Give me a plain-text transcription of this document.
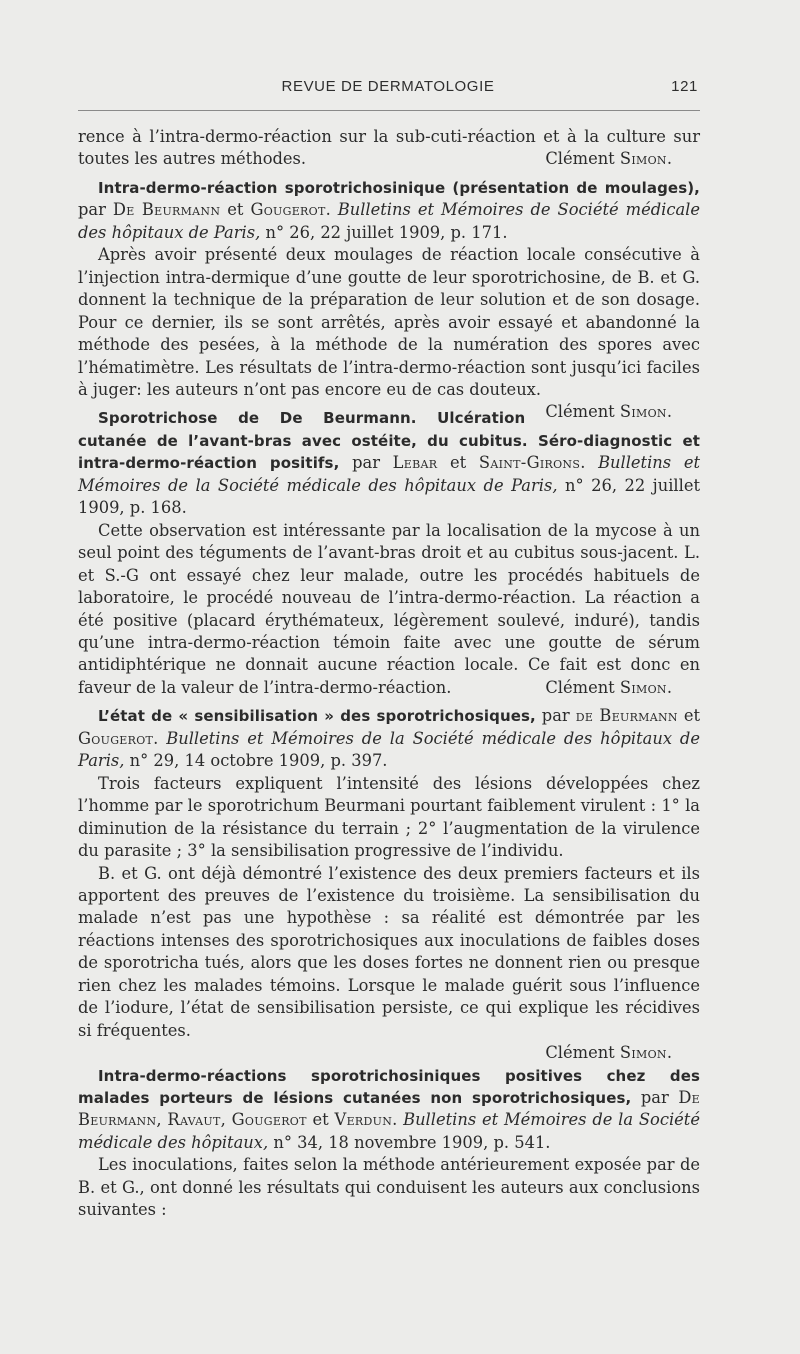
REVUE DE DERMATOLOGIE	121

rence à l’intra-dermo-réaction sur la sub-cuti-réaction et à la culture sur toutes les autres méthodes.	Clément Simon.

Intra-dermo-réaction sporotrichosinique (présentation de moulages), par De Beurmann et Gougerot. Bulletins et Mémoires de Société médicale des hôpitaux de Paris, n° 26, 22 juillet 1909, p. 171.

Après avoir présenté deux moulages de réaction locale consécutive à l’injection intra-dermique d’une goutte de leur sporotrichosine, de B. et G. donnent la technique de la préparation de leur solution et de son dosage. Pour ce dernier, ils se sont arrêtés, après avoir essayé et abandonné la méthode des pesées, à la méthode de la numération des spores avec l’hématimètre. Les résultats de l’intra-dermo-réaction sont jusqu’ici faciles à juger: les auteurs n’ont pas encore eu de cas douteux.
Clément Simon.

Sporotrichose de De Beurmann. Ulcération cutanée de l’avant-bras avec ostéite, du cubitus. Séro-diagnostic et intra-dermo-réaction positifs, par Lebar et Saint-Girons. Bulletins et Mémoires de la Société médicale des hôpitaux de Paris, n° 26, 22 juillet 1909, p. 168.

Cette observation est intéressante par la localisation de la mycose à un seul point des téguments de l’avant-bras droit et au cubitus sous-jacent. L. et S.-G ont essayé chez leur malade, outre les procédés habituels de laboratoire, le procédé nouveau de l’intra-dermo-réaction. La réaction a été positive (placard érythémateux, légèrement soulevé, induré), tandis qu’une intra-dermo-réaction témoin faite avec une goutte de sérum antidiphtérique ne donnait aucune réaction locale. Ce fait est donc en faveur de la valeur de l’intra-dermo-réaction.	Clément Simon.

L’état de « sensibilisation » des sporotrichosiques, par de Beurmann et Gougerot. Bulletins et Mémoires de la Société médicale des hôpitaux de Paris, n° 29, 14 octobre 1909, p. 397.

Trois facteurs expliquent l’intensité des lésions développées chez l’homme par le sporotrichum Beurmani pourtant faiblement virulent : 1° la diminution de la résistance du terrain ; 2° l’augmentation de la virulence du parasite ; 3° la sensibilisation progressive de l’individu.

B. et G. ont déjà démontré l’existence des deux premiers facteurs et ils apportent des preuves de l’existence du troisième. La sensibilisation du malade n’est pas une hypothèse : sa réalité est démontrée par les réactions intenses des sporotrichosiques aux inoculations de faibles doses de sporotricha tués, alors que les doses fortes ne donnent rien ou presque rien chez les malades témoins. Lorsque le malade guérit sous l’influence de l’iodure, l’état de sensibilisation persiste, ce qui explique les récidives si fréquentes.

Clément Simon.

Intra-dermo-réactions sporotrichosiniques positives chez des malades porteurs de lésions cutanées non sporotrichosiques, par De Beurmann, Ravaut, Gougerot et Verdun. Bulletins et Mémoires de la Société médicale des hôpitaux, n° 34, 18 novembre 1909, p. 541.

Les inoculations, faites selon la méthode antérieurement exposée par de B. et G., ont donné les résultats qui conduisent les auteurs aux conclusions suivantes :
